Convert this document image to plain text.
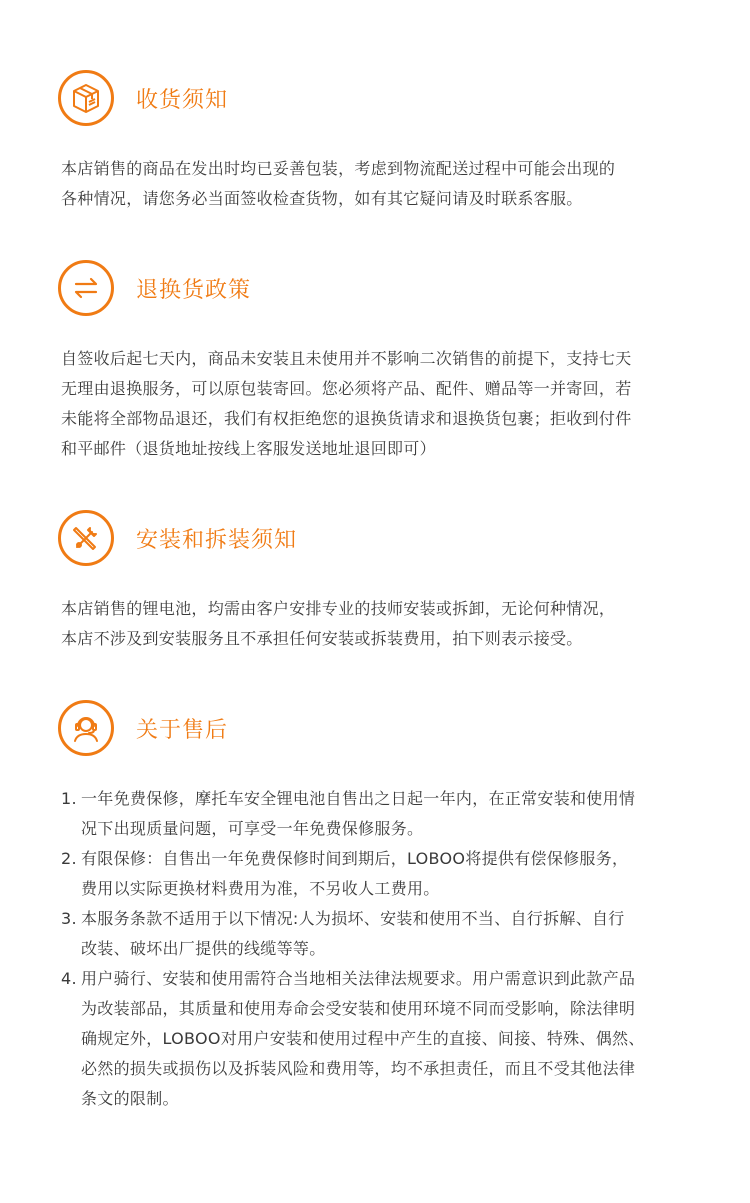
收货须知

本店销售的商品在发出时均已妥善包装，考虑到物流配送过程中可能会出现的
各种情况，请您务必当面签收检查货物，如有其它疑问请及时联系客服。

退换货政策

自签收后起七天内，商品未安装且未使用并不影响二次销售的前提下，支持七天
无理由退换服务，可以原包装寄回。您必须将产品、配件、赠品等一并寄回，若
未能将全部物品退还，我们有权拒绝您的退换货请求和退换货包裹；拒收到付件
和平邮件（退货地址按线上客服发送地址退回即可）

安装和拆装须知

本店销售的锂电池，均需由客户安排专业的技师安装或拆卸，无论何种情况，
本店不涉及到安装服务且不承担任何安装或拆装费用，拍下则表示接受。

关于售后
1. 一年免费保修，摩托车安全锂电池自售出之日起一年内，在正常安装和使用情
况下出现质量问题，可享受一年免费保修服务。
2. 有限保修：自售出一年免费保修时间到期后，LOBOO将提供有偿保修服务，
费用以实际更换材料费用为准，不另收人工费用。
3. 本服务条款不适用于以下情况:人为损坏、安装和使用不当、自行拆解、自行
改装、破坏出厂提供的线缆等等。
4. 用户骑行、安装和使用需符合当地相关法律法规要求。用户需意识到此款产品
为改装部品，其质量和使用寿命会受安装和使用环境不同而受影响，除法律明
确规定外，LOBOO对用户安装和使用过程中产生的直接、间接、特殊、偶然、
必然的损失或损伤以及拆装风险和费用等，均不承担责任，而且不受其他法律
条文的限制。
